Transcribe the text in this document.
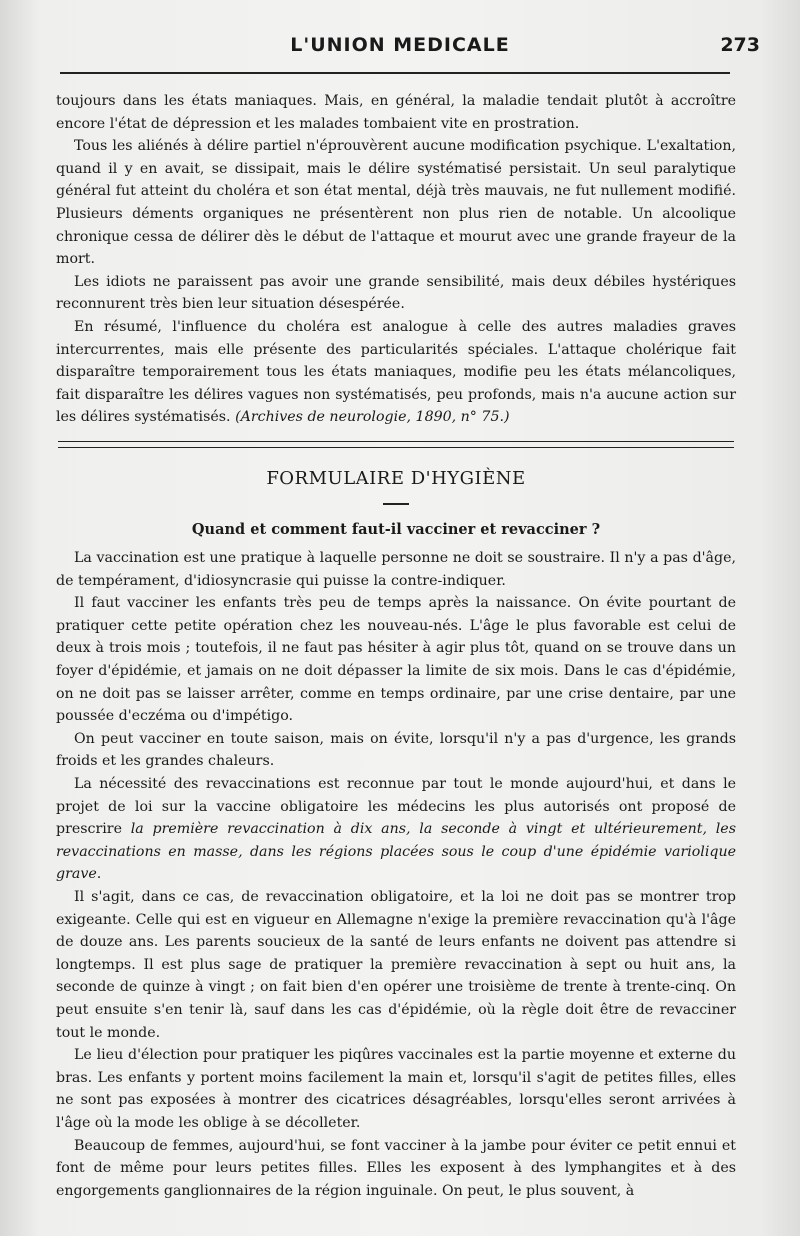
L'UNION MEDICALE	273

toujours dans les états maniaques. Mais, en général, la maladie tendait plutôt à accroître encore l'état de dépression et les malades tombaient vite en prostration.

Tous les aliénés à délire partiel n'éprouvèrent aucune modification psychique. L'exaltation, quand il y en avait, se dissipait, mais le délire systématisé persistait. Un seul paralytique général fut atteint du choléra et son état mental, déjà très mauvais, ne fut nullement modifié. Plusieurs déments organiques ne présentèrent non plus rien de notable. Un alcoolique chronique cessa de délirer dès le début de l'attaque et mourut avec une grande frayeur de la mort.

Les idiots ne paraissent pas avoir une grande sensibilité, mais deux débiles hystériques reconnurent très bien leur situation désespérée.

En résumé, l'influence du choléra est analogue à celle des autres maladies graves intercurrentes, mais elle présente des particularités spéciales. L'attaque cholérique fait disparaître temporairement tous les états maniaques, modifie peu les états mélancoliques, fait disparaître les délires vagues non systématisés, peu profonds, mais n'a aucune action sur les délires systématisés. (Archives de neurologie, 1890, n° 75.)

FORMULAIRE D'HYGIÈNE
Quand et comment faut-il vacciner et revacciner ?

La vaccination est une pratique à laquelle personne ne doit se soustraire. Il n'y a pas d'âge, de tempérament, d'idiosyncrasie qui puisse la contre-indiquer.

Il faut vacciner les enfants très peu de temps après la naissance. On évite pourtant de pratiquer cette petite opération chez les nouveau-nés. L'âge le plus favorable est celui de deux à trois mois ; toutefois, il ne faut pas hésiter à agir plus tôt, quand on se trouve dans un foyer d'épidémie, et jamais on ne doit dépasser la limite de six mois. Dans le cas d'épidémie, on ne doit pas se laisser arrêter, comme en temps ordinaire, par une crise dentaire, par une poussée d'eczéma ou d'impétigo.

On peut vacciner en toute saison, mais on évite, lorsqu'il n'y a pas d'urgence, les grands froids et les grandes chaleurs.

La nécessité des revaccinations est reconnue par tout le monde aujourd'hui, et dans le projet de loi sur la vaccine obligatoire les médecins les plus autorisés ont proposé de prescrire la première revaccination à dix ans, la seconde à vingt et ultérieurement, les revaccinations en masse, dans les régions placées sous le coup d'une épidémie variolique grave.

Il s'agit, dans ce cas, de revaccination obligatoire, et la loi ne doit pas se montrer trop exigeante. Celle qui est en vigueur en Allemagne n'exige la première revaccination qu'à l'âge de douze ans. Les parents soucieux de la santé de leurs enfants ne doivent pas attendre si longtemps. Il est plus sage de pratiquer la première revaccination à sept ou huit ans, la seconde de quinze à vingt ; on fait bien d'en opérer une troisième de trente à trente-cinq. On peut ensuite s'en tenir là, sauf dans les cas d'épidémie, où la règle doit être de revacciner tout le monde.

Le lieu d'élection pour pratiquer les piqûres vaccinales est la partie moyenne et externe du bras. Les enfants y portent moins facilement la main et, lorsqu'il s'agit de petites filles, elles ne sont pas exposées à montrer des cicatrices désagréables, lorsqu'elles seront arrivées à l'âge où la mode les oblige à se décolleter.

Beaucoup de femmes, aujourd'hui, se font vacciner à la jambe pour éviter ce petit ennui et font de même pour leurs petites filles. Elles les exposent à des lymphangites et à des engorgements ganglionnaires de la région inguinale. On peut, le plus souvent, à
